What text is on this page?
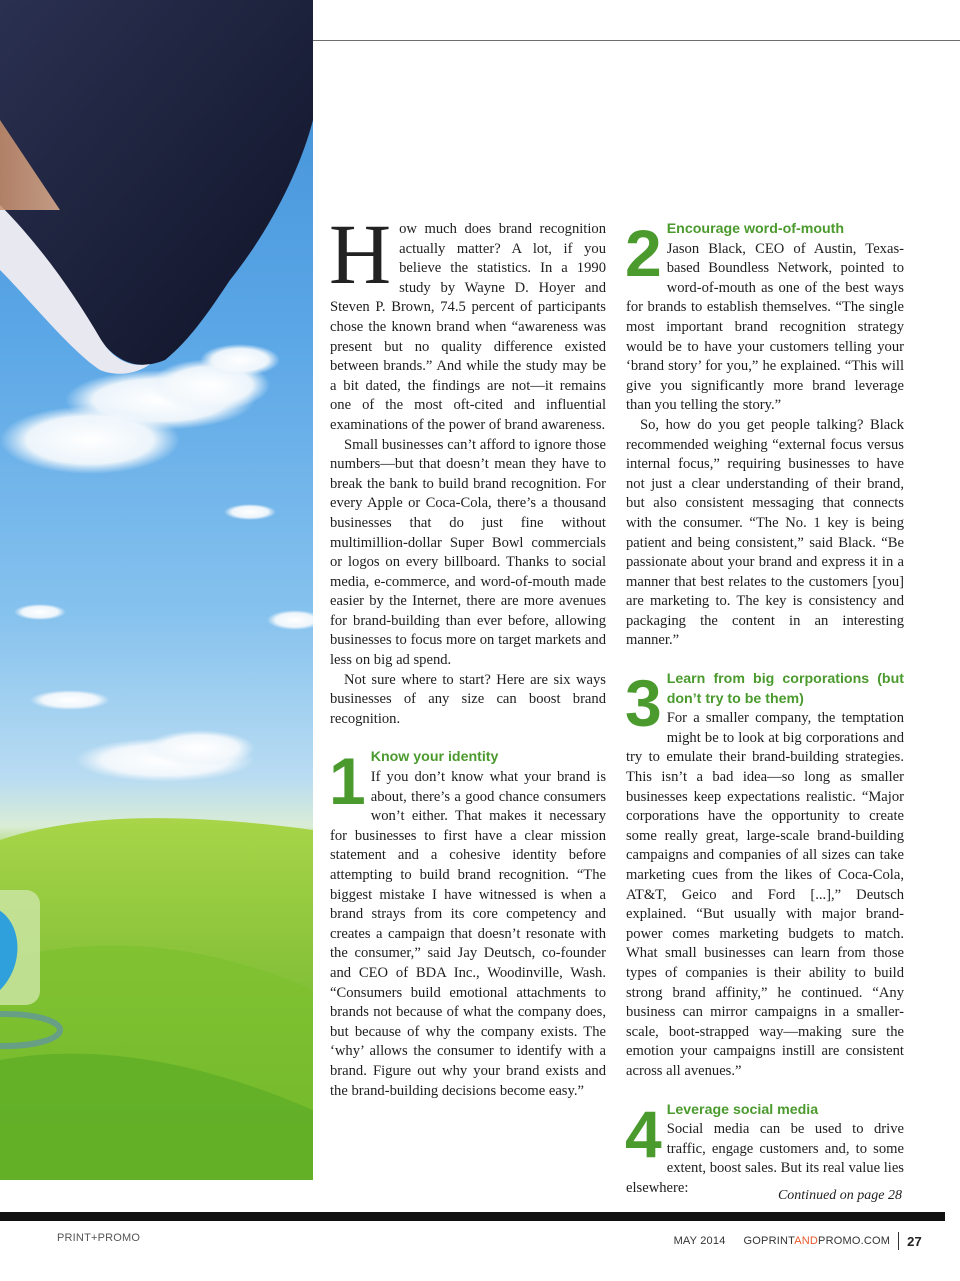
How much does brand recognition actually matter? A lot, if you believe the statistics. In a 1990 study by Wayne D. Hoyer and Steven P. Brown, 74.5 percent of participants chose the known brand when “awareness was present but no quality difference existed between brands.” And while the study may be a bit dated, the findings are not—it remains one of the most oft-cited and influential examinations of the power of brand awareness.

Small businesses can’t afford to ignore those numbers—but that doesn’t mean they have to break the bank to build brand recognition. For every Apple or Coca-Cola, there’s a thousand businesses that do just fine without multimillion-dollar Super Bowl commercials or logos on every billboard. Thanks to social media, e-commerce, and word-of-mouth made easier by the Internet, there are more avenues for brand-building than ever before, allowing businesses to focus more on target markets and less on big ad spend.

Not sure where to start? Here are six ways businesses of any size can boost brand recognition.

1 Know your identity
If you don’t know what your brand is about, there’s a good chance consumers won’t either. That makes it necessary for businesses to first have a clear mission statement and a cohesive identity before attempting to build brand recognition. “The biggest mistake I have witnessed is when a brand strays from its core competency and creates a campaign that doesn’t resonate with the consumer,” said Jay Deutsch, co-founder and CEO of BDA Inc., Woodinville, Wash. “Consumers build emotional attachments to brands not because of what the company does, but because of why the company exists. The ‘why’ allows the consumer to identify with a brand. Figure out why your brand exists and the brand-building decisions become easy.”

2 Encourage word-of-mouth
Jason Black, CEO of Austin, Texas-based Boundless Network, pointed to word-of-mouth as one of the best ways for brands to establish themselves. “The single most important brand recognition strategy would be to have your customers telling your ‘brand story’ for you,” he explained. “This will give you significantly more brand leverage than you telling the story.”

So, how do you get people talking? Black recommended weighing “external focus versus internal focus,” requiring businesses to have not just a clear understanding of their brand, but also consistent messaging that connects with the consumer. “The No. 1 key is being patient and being consistent,” said Black. “Be passionate about your brand and express it in a manner that best relates to the customers [you] are marketing to. The key is consistency and packaging the content in an interesting manner.”

3 Learn from big corporations (but don’t try to be them)
For a smaller company, the temptation might be to look at big corporations and try to emulate their brand-building strategies. This isn’t a bad idea—so long as smaller businesses keep expectations realistic. “Major corporations have the opportunity to create some really great, large-scale brand-building campaigns and companies of all sizes can take marketing cues from the likes of Coca-Cola, AT&T, Geico and Ford [...],” Deutsch explained. “But usually with major brand-power comes marketing budgets to match. What small businesses can learn from those types of companies is their ability to build strong brand affinity,” he continued. “Any business can mirror campaigns in a smaller-scale, boot-strapped way—making sure the emotion your campaigns instill are consistent across all avenues.”

4 Leverage social media
Social media can be used to drive traffic, engage customers and, to some extent, boost sales. But its real value lies elsewhere:	Continued on page 28
PRINT+PROMO	MAY 2014 GOPRINTANDPROMO.COM 27
